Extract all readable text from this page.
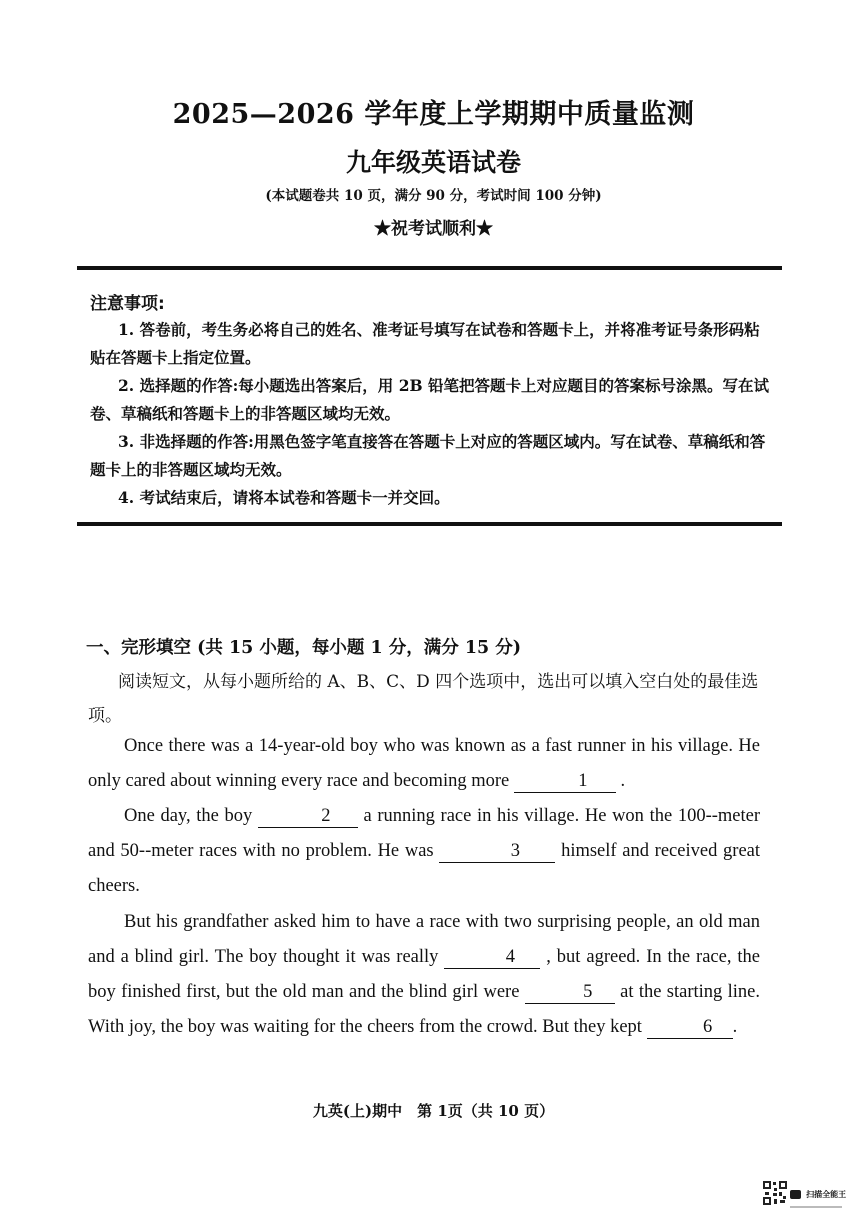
2025—2026 学年度上学期期中质量监测
九年级英语试卷
(本试题卷共 10 页，满分 90 分，考试时间 100 分钟)
★祝考试顺利★
注意事项:
1. 答卷前，考生务必将自己的姓名、准考证号填写在试卷和答题卡上，并将准考证号条形码粘贴在答题卡上指定位置。
2. 选择题的作答:每小题选出答案后，用 2B 铅笔把答题卡上对应题目的答案标号涂黑。写在试卷、草稿纸和答题卡上的非答题区域均无效。
3. 非选择题的作答:用黑色签字笔直接答在答题卡上对应的答题区域内。写在试卷、草稿纸和答题卡上的非答题区域均无效。
4. 考试结束后，请将本试卷和答题卡一并交回。
一、完形填空 (共 15 小题，每小题 1 分，满分 15 分)
阅读短文，从每小题所给的 A、B、C、D 四个选项中，选出可以填入空白处的最佳选项。
Once there was a 14-year-old boy who was known as a fast runner in his village. He only cared about winning every race and becoming more	1 .
One day, the boy	2 a running race in his village. He won the 100--meter and 50--meter races with no problem. He was	3 himself and received great cheers.
But his grandfather asked him to have a race with two surprising people, an old man and a blind girl. The boy thought it was really	4 , but agreed. In the race, the boy finished first, but the old man and the blind girl were	5 at the starting line. With joy, the boy was waiting for the cheers from the crowd. But they kept	6 .
九英(上)期中　第 1页（共 10 页）
扫描全能王
